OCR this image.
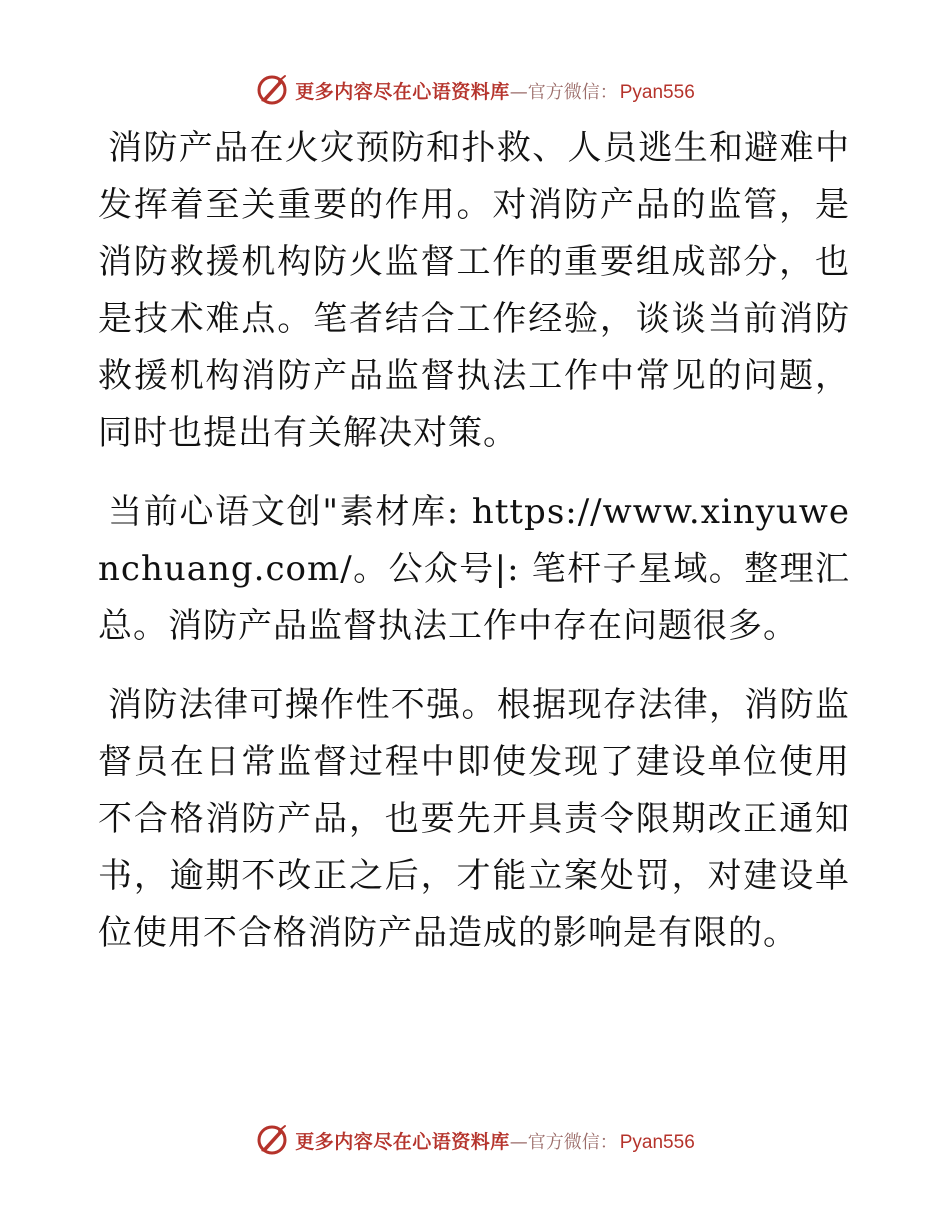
更多内容尽在心语资料库 —官方微信： Pyan556

消防产品在火灾预防和扑救、人员逃生和避难中发挥着至关重要的作用。对消防产品的监管，是消防救援机构防火监督工作的重要组成部分，也是技术难点。笔者结合工作经验，谈谈当前消防救援机构消防产品监督执法工作中常见的问题，同时也提出有关解决对策。

当前心语文创"素材库: https://www.xinyuwenchuang.com/。公众号|: 笔杆子星域。整理汇总。消防产品监督执法工作中存在问题很多。

消防法律可操作性不强。根据现存法律，消防监督员在日常监督过程中即使发现了建设单位使用不合格消防产品，也要先开具责令限期改正通知书，逾期不改正之后，才能立案处罚，对建设单位使用不合格消防产品造成的影响是有限的。

更多内容尽在心语资料库 —官方微信： Pyan556
